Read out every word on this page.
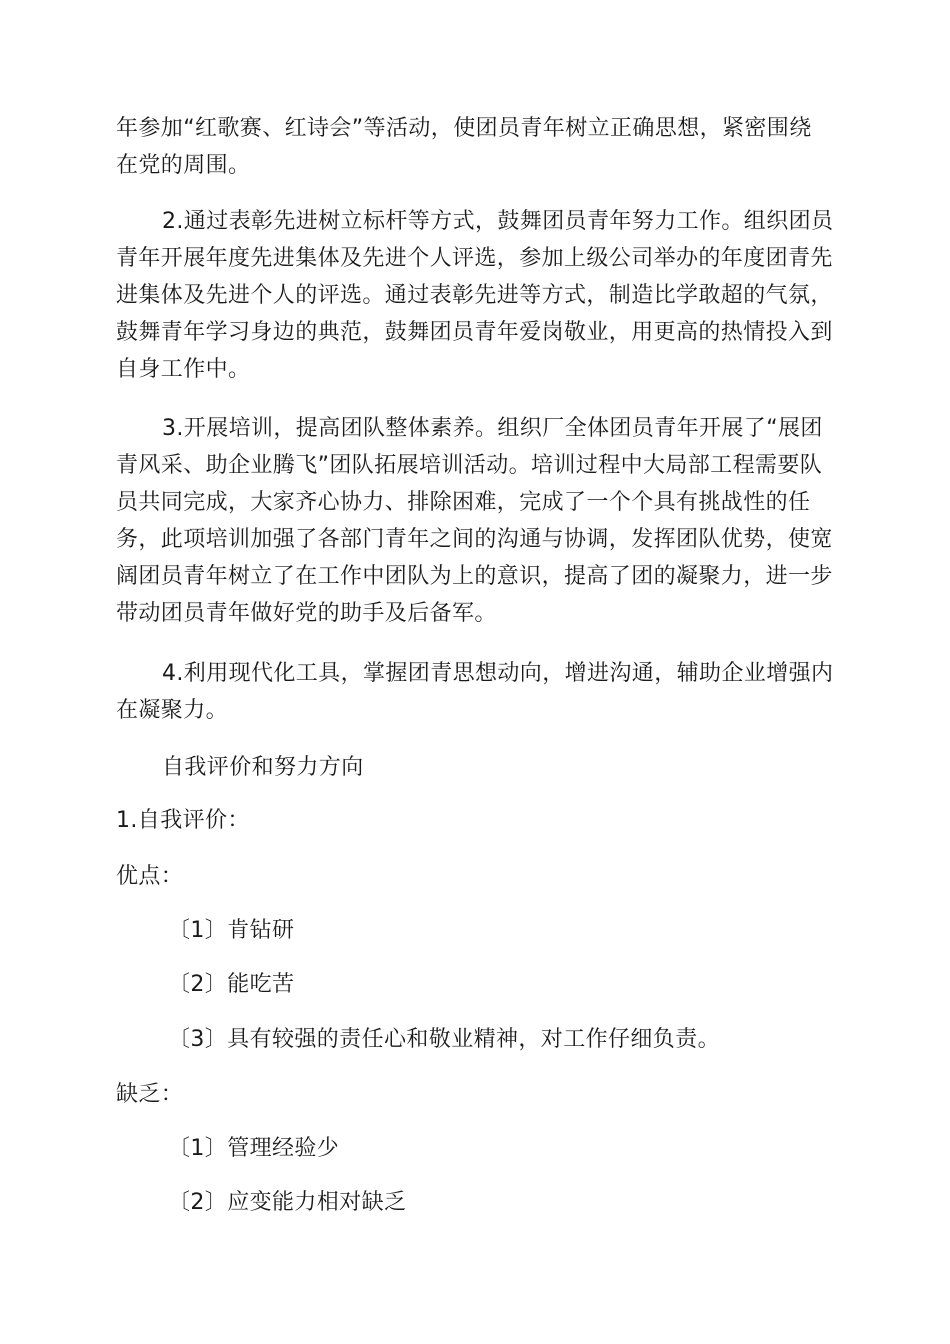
年参加“红歌赛、红诗会”等活动，使团员青年树立正确思想，紧密围绕
在党的周围。
2.通过表彰先进树立标杆等方式，鼓舞团员青年努力工作。组织团员
青年开展年度先进集体及先进个人评选，参加上级公司举办的年度团青先
进集体及先进个人的评选。通过表彰先进等方式，制造比学敢超的气氛，
鼓舞青年学习身边的典范，鼓舞团员青年爱岗敬业，用更高的热情投入到
自身工作中。
3.开展培训，提高团队整体素养。组织厂全体团员青年开展了“展团
青风采、助企业腾飞”团队拓展培训活动。培训过程中大局部工程需要队
员共同完成，大家齐心协力、排除困难，完成了一个个具有挑战性的任
务，此项培训加强了各部门青年之间的沟通与协调，发挥团队优势，使宽
阔团员青年树立了在工作中团队为上的意识，提高了团的凝聚力，进一步
带动团员青年做好党的助手及后备军。
4.利用现代化工具，掌握团青思想动向，增进沟通，辅助企业增强内
在凝聚力。

自我评价和努力方向

1.自我评价：

优点：

〔1〕肯钻研

〔2〕能吃苦

〔3〕具有较强的责任心和敬业精神，对工作仔细负责。

缺乏：

〔1〕管理经验少

〔2〕应变能力相对缺乏
